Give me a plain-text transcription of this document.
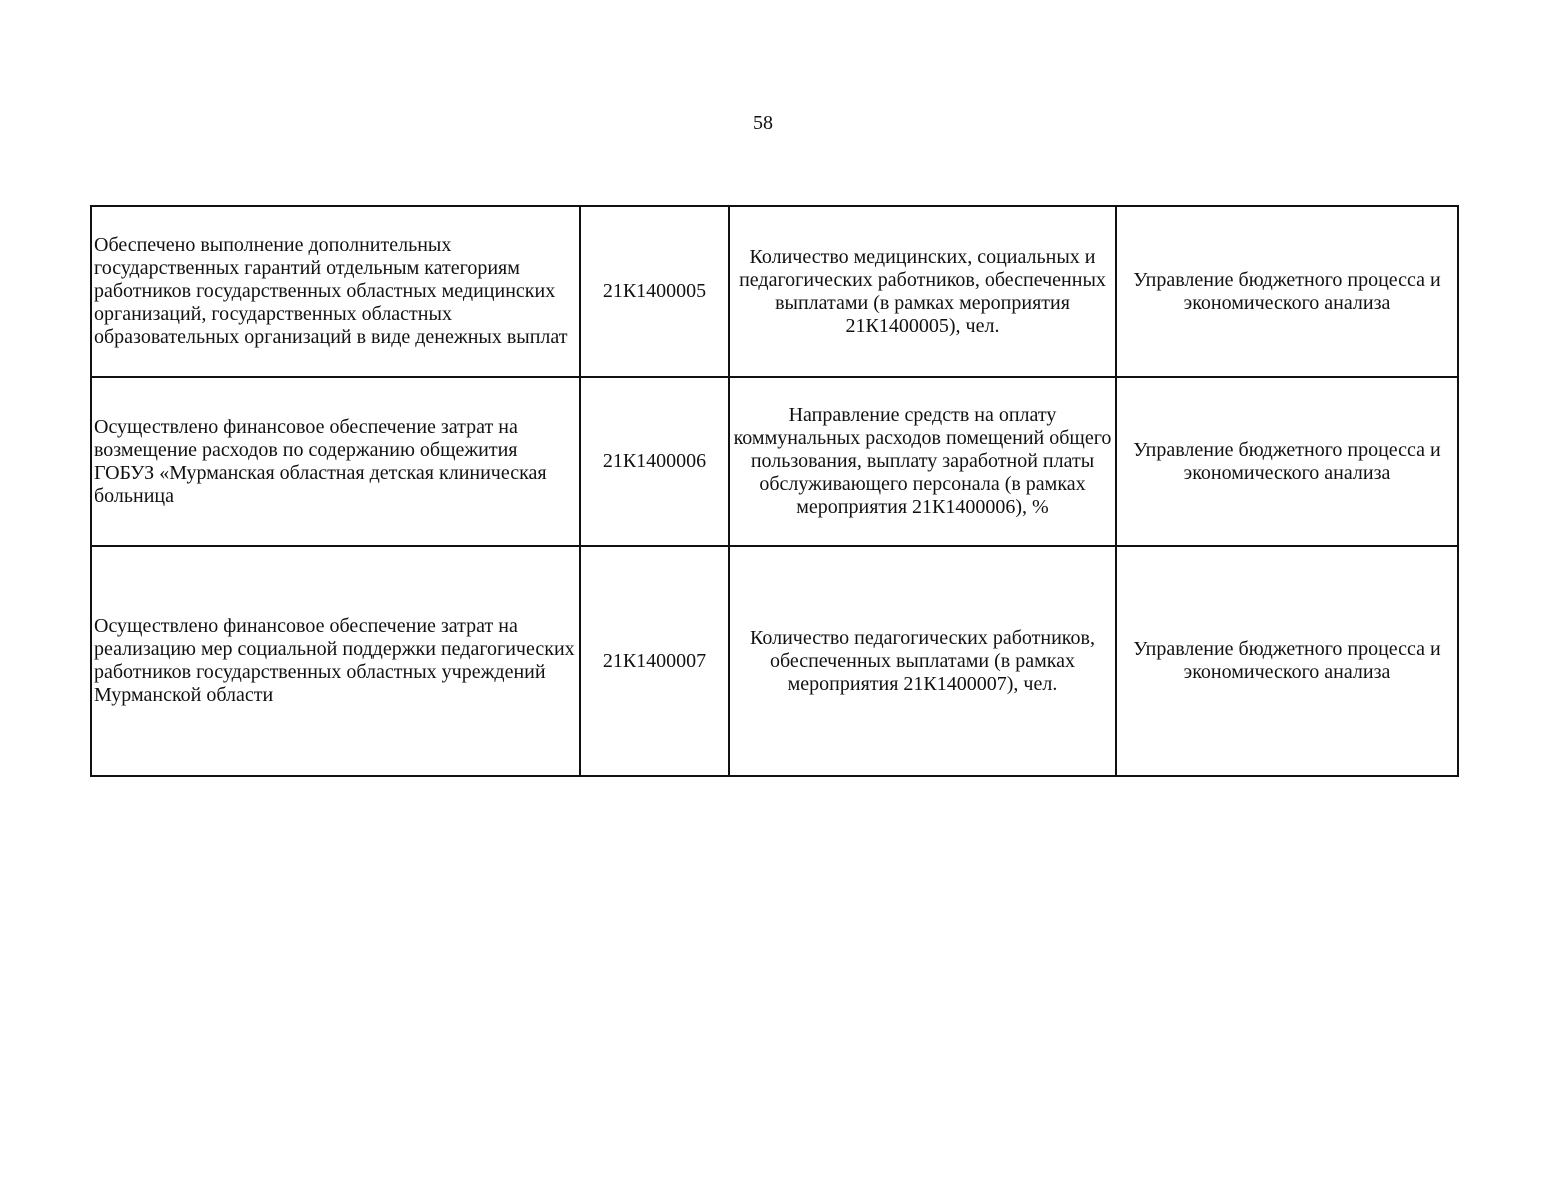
58
Обеспечено выполнение дополнительных государственных гарантий отдельным категориям работников государственных областных медицинских организаций, государственных областных образовательных организаций в виде денежных выплат	21К1400005	Количество медицинских, социальных и педагогических работников, обеспеченных выплатами (в рамках мероприятия 21К1400005), чел.	Управление бюджетного процесса и экономического анализа
Осуществлено финансовое обеспечение затрат на возмещение расходов по содержанию общежития ГОБУЗ «Мурманская областная детская клиническая больница	21К1400006	Направление средств на оплату коммунальных расходов помещений общего пользования, выплату заработной платы обслуживающего персонала (в рамках мероприятия 21К1400006), %	Управление бюджетного процесса и экономического анализа
Осуществлено финансовое обеспечение затрат на реализацию мер социальной поддержки педагогических работников государственных областных учреждений Мурманской области	21К1400007	Количество педагогических работников, обеспеченных выплатами (в рамках мероприятия 21К1400007), чел.	Управление бюджетного процесса и экономического анализа
